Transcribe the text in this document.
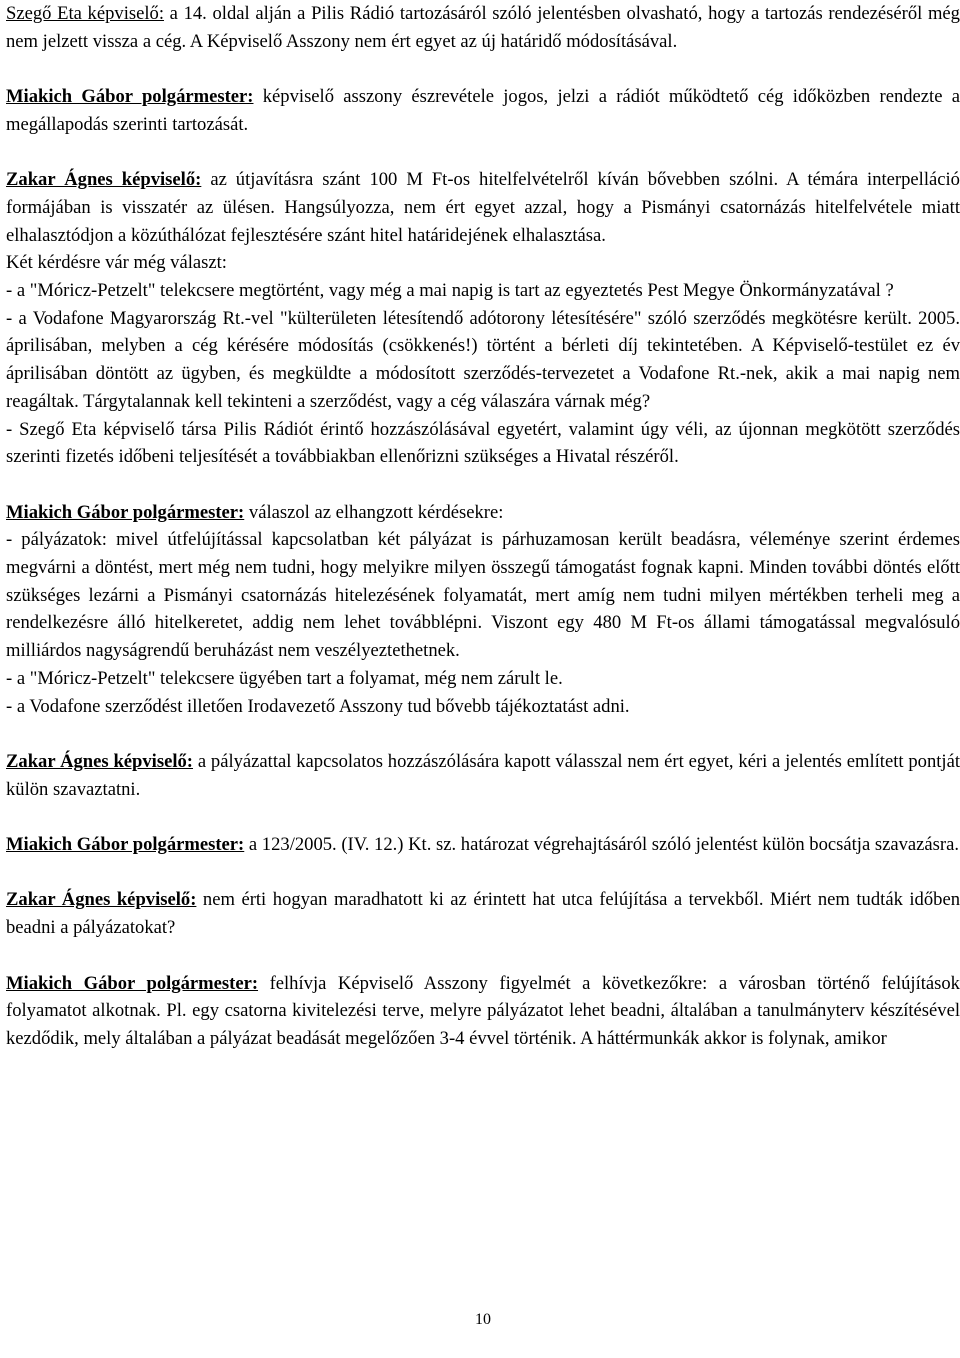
Szegő Eta képviselő: a 14. oldal alján a Pilis Rádió tartozásáról szóló jelentésben olvasható, hogy a tartozás rendezéséről még nem jelzett vissza a cég. A Képviselő Asszony nem ért egyet az új határidő módosításával.

Miakich Gábor polgármester: képviselő asszony észrevétele jogos, jelzi a rádiót működtető cég időközben rendezte a megállapodás szerinti tartozását.

Zakar Ágnes képviselő: az útjavításra szánt 100 M Ft-os hitelfelvételről kíván bővebben szólni. A témára interpelláció formájában is visszatér az ülésen. Hangsúlyozza, nem ért egyet azzal, hogy a Pismányi csatornázás hitelfelvétele miatt elhalasztódjon a közúthálózat fejlesztésére szánt hitel határidejének elhalasztása.

Két kérdésre vár még választ:

- a "Móricz-Petzelt" telekcsere megtörtént, vagy még a mai napig is tart az egyeztetés Pest Megye Önkormányzatával ?

- a Vodafone Magyarország Rt.-vel "külterületen létesítendő adótorony létesítésére" szóló szerződés megkötésre került. 2005. áprilisában, melyben a cég kérésére módosítás (csökkenés!) történt a bérleti díj tekintetében. A Képviselő-testület ez év áprilisában döntött az ügyben, és megküldte a módosított szerződés-tervezetet a Vodafone Rt.-nek, akik a mai napig nem reagáltak. Tárgytalannak kell tekinteni a szerződést, vagy a cég válaszára várnak még?

- Szegő Eta képviselő társa Pilis Rádiót érintő hozzászólásával egyetért, valamint úgy véli, az újonnan megkötött szerződés szerinti fizetés időbeni teljesítését a továbbiakban ellenőrizni szükséges a Hivatal részéről.

Miakich Gábor polgármester: válaszol az elhangzott kérdésekre:

- pályázatok: mivel útfelújítással kapcsolatban két pályázat is párhuzamosan került beadásra, véleménye szerint érdemes megvárni a döntést, mert még nem tudni, hogy melyikre milyen összegű támogatást fognak kapni. Minden további döntés előtt szükséges lezárni a Pismányi csatornázás hitelezésének folyamatát, mert amíg nem tudni milyen mértékben terheli meg a rendelkezésre álló hitelkeretet, addig nem lehet továbblépni. Viszont egy 480 M Ft-os állami támogatással megvalósuló milliárdos nagyságrendű beruházást nem veszélyeztethetnek.

- a "Móricz-Petzelt" telekcsere ügyében tart a folyamat, még nem zárult le.

- a Vodafone szerződést illetően Irodavezető Asszony tud bővebb tájékoztatást adni.

Zakar Ágnes képviselő: a pályázattal kapcsolatos hozzászólására kapott válasszal nem ért egyet, kéri a jelentés említett pontját külön szavaztatni.

Miakich Gábor polgármester: a 123/2005. (IV. 12.) Kt. sz. határozat végrehajtásáról szóló jelentést külön bocsátja szavazásra.

Zakar Ágnes képviselő: nem érti hogyan maradhatott ki az érintett hat utca felújítása a tervekből. Miért nem tudták időben beadni a pályázatokat?

Miakich Gábor polgármester: felhívja Képviselő Asszony figyelmét a következőkre: a városban történő felújítások folyamatot alkotnak. Pl. egy csatorna kivitelezési terve, melyre pályázatot lehet beadni, általában a tanulmányterv készítésével kezdődik, mely általában a pályázat beadását megelőzően 3-4 évvel történik. A háttérmunkák akkor is folynak, amikor

10
